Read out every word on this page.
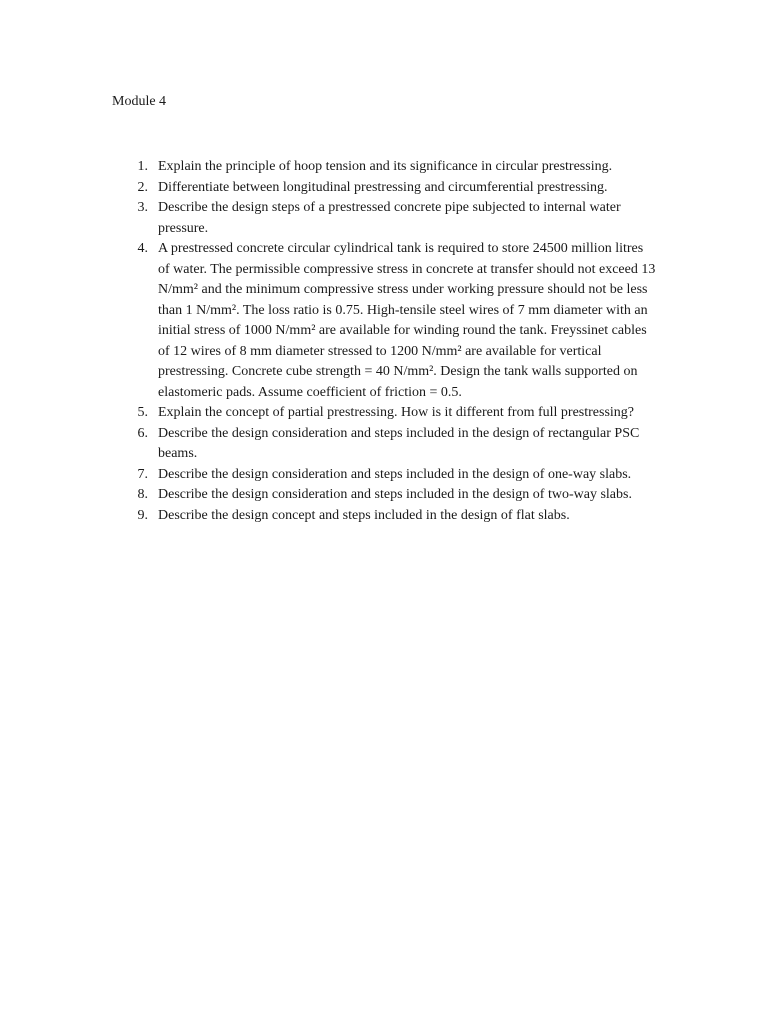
Module 4
1. Explain the principle of hoop tension and its significance in circular prestressing.
2. Differentiate between longitudinal prestressing and circumferential prestressing.
3. Describe the design steps of a prestressed concrete pipe subjected to internal water pressure.
4. A prestressed concrete circular cylindrical tank is required to store 24500 million litres of water. The permissible compressive stress in concrete at transfer should not exceed 13 N/mm² and the minimum compressive stress under working pressure should not be less than 1 N/mm². The loss ratio is 0.75. High-tensile steel wires of 7 mm diameter with an initial stress of 1000 N/mm² are available for winding round the tank. Freyssinet cables of 12 wires of 8 mm diameter stressed to 1200 N/mm² are available for vertical prestressing. Concrete cube strength = 40 N/mm². Design the tank walls supported on elastomeric pads. Assume coefficient of friction = 0.5.
5. Explain the concept of partial prestressing. How is it different from full prestressing?
6. Describe the design consideration and steps included in the design of rectangular PSC beams.
7. Describe the design consideration and steps included in the design of one-way slabs.
8. Describe the design consideration and steps included in the design of two-way slabs.
9. Describe the design concept and steps included in the design of flat slabs.
